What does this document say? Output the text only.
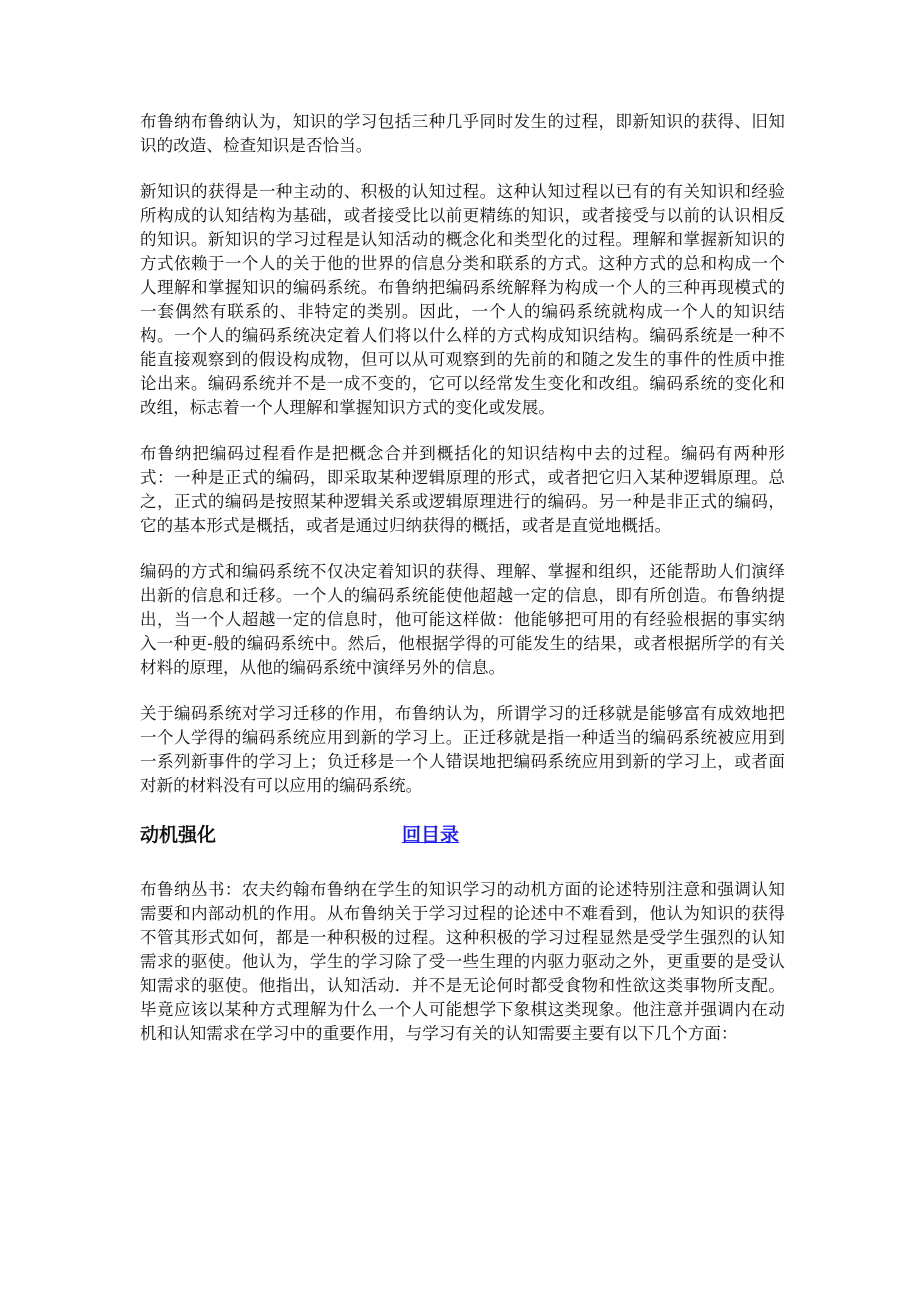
布鲁纳布鲁纳认为，知识的学习包括三种几乎同时发生的过程，即新知识的获得、旧知识的改造、检查知识是否恰当。

新知识的获得是一种主动的、积极的认知过程。这种认知过程以已有的有关知识和经验所构成的认知结构为基础，或者接受比以前更精练的知识，或者接受与以前的认识相反的知识。新知识的学习过程是认知活动的概念化和类型化的过程。理解和掌握新知识的方式依赖于一个人的关于他的世界的信息分类和联系的方式。这种方式的总和构成一个人理解和掌握知识的编码系统。布鲁纳把编码系统解释为构成一个人的三种再现模式的一套偶然有联系的、非特定的类别。因此，一个人的编码系统就构成一个人的知识结构。一个人的编码系统决定着人们将以什么样的方式构成知识结构。编码系统是一种不能直接观察到的假设构成物，但可以从可观察到的先前的和随之发生的事件的性质中推论出来。编码系统并不是一成不变的，它可以经常发生变化和改组。编码系统的变化和改组，标志着一个人理解和掌握知识方式的变化或发展。

布鲁纳把编码过程看作是把概念合并到概括化的知识结构中去的过程。编码有两种形式：一种是正式的编码，即采取某种逻辑原理的形式，或者把它归入某种逻辑原理。总之，正式的编码是按照某种逻辑关系或逻辑原理进行的编码。另一种是非正式的编码，它的基本形式是概括，或者是通过归纳获得的概括，或者是直觉地概括。

编码的方式和编码系统不仅决定着知识的获得、理解、掌握和组织，还能帮助人们演绎出新的信息和迁移。一个人的编码系统能使他超越一定的信息，即有所创造。布鲁纳提出，当一个人超越一定的信息时，他可能这样做：他能够把可用的有经验根据的事实纳入一种更-般的编码系统中。然后，他根据学得的可能发生的结果，或者根据所学的有关材料的原理，从他的编码系统中演绎另外的信息。

关于编码系统对学习迁移的作用，布鲁纳认为，所谓学习的迁移就是能够富有成效地把一个人学得的编码系统应用到新的学习上。正迁移就是指一种适当的编码系统被应用到一系列新事件的学习上；负迁移是一个人错误地把编码系统应用到新的学习上，或者面对新的材料没有可以应用的编码系统。

动机强化	回目录

布鲁纳丛书：农夫约翰布鲁纳在学生的知识学习的动机方面的论述特别注意和强调认知需要和内部动机的作用。从布鲁纳关于学习过程的论述中不难看到，他认为知识的获得不管其形式如何，都是一种积极的过程。这种积极的学习过程显然是受学生强烈的认知需求的驱使。他认为，学生的学习除了受一些生理的内驱力驱动之外，更重要的是受认知需求的驱使。他指出，认知活动．并不是无论何时都受食物和性欲这类事物所支配。毕竟应该以某种方式理解为什么一个人可能想学下象棋这类现象。他注意并强调内在动机和认知需求在学习中的重要作用，与学习有关的认知需要主要有以下几个方面：
